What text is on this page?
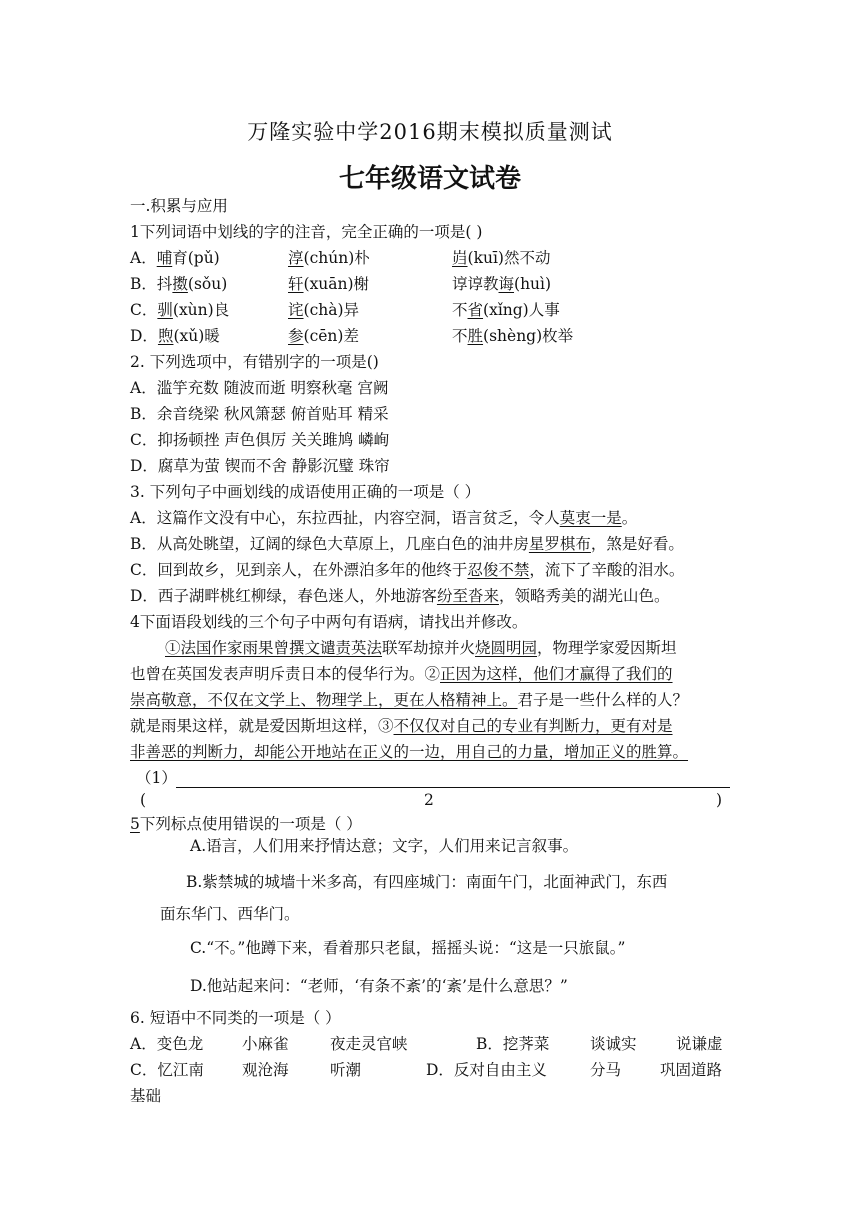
万隆实验中学2016期末模拟质量测试
七年级语文试卷
一.积累与应用
1下列词语中划线的字的注音，完全正确的一项是( )
A．哺育(pǔ)	淳(chún)朴	岿(kuī)然不动
B．抖擞(sǒu)	轩(xuān)榭	谆谆教诲(huì)
C．驯(xùn)良	诧(chà)异	不省(xǐng)人事
D．煦(xǔ)暖	参(cēn)差	不胜(shèng)枚举
2. 下列选项中，有错别字的一项是()
A．滥竽充数 随波而逝 明察秋毫 宫阙
B．余音绕梁 秋风箫瑟 俯首贴耳 精采
C．抑扬顿挫 声色俱厉 关关雎鸠 嶙峋
D．腐草为萤 锲而不舍 静影沉璧 珠帘
3. 下列句子中画划线的成语使用正确的一项是（ ）
A．这篇作文没有中心，东拉西扯，内容空洞，语言贫乏，令人莫衷一是。
B．从高处眺望，辽阔的绿色大草原上，几座白色的油井房星罗棋布，煞是好看。
C．回到故乡，见到亲人，在外漂泊多年的他终于忍俊不禁，流下了辛酸的泪水。
D．西子湖畔桃红柳绿，春色迷人，外地游客纷至沓来，领略秀美的湖光山色。
4下面语段划线的三个句子中两句有语病，请找出并修改。
①法国作家雨果曾撰文谴责英法联军劫掠并火烧圆明园，物理学家爱因斯坦
也曾在英国发表声明斥责日本的侵华行为。②正因为这样，他们才赢得了我们的
崇高敬意，不仅在文学上、物理学上，更在人格精神上。君子是一些什么样的人？
就是雨果这样，就是爱因斯坦这样，③不仅仅对自己的专业有判断力，更有对是
非善恶的判断力，却能公开地站在正义的一边，用自己的力量，增加正义的胜算。
（1）
(	2	)
5下列标点使用错误的一项是（ ）
A.语言，人们用来抒情达意；文字，人们用来记言叙事。
B.紫禁城的城墙十米多高，有四座城门：南面午门，北面神武门，东西
面东华门、西华门。
C.“不。”他蹲下来，看着那只老鼠，摇摇头说：“这是一只旅鼠。”
D.他站起来问：“老师，‘有条不紊’的‘紊’是什么意思？”
6. 短语中不同类的一项是（ ）
A．变色龙	小麻雀	夜走灵官峡	B．挖荠菜	谈诚实	说谦虚
C．忆江南 观沧海	听潮	D．反对自由主义	分马	巩固道路
基础
